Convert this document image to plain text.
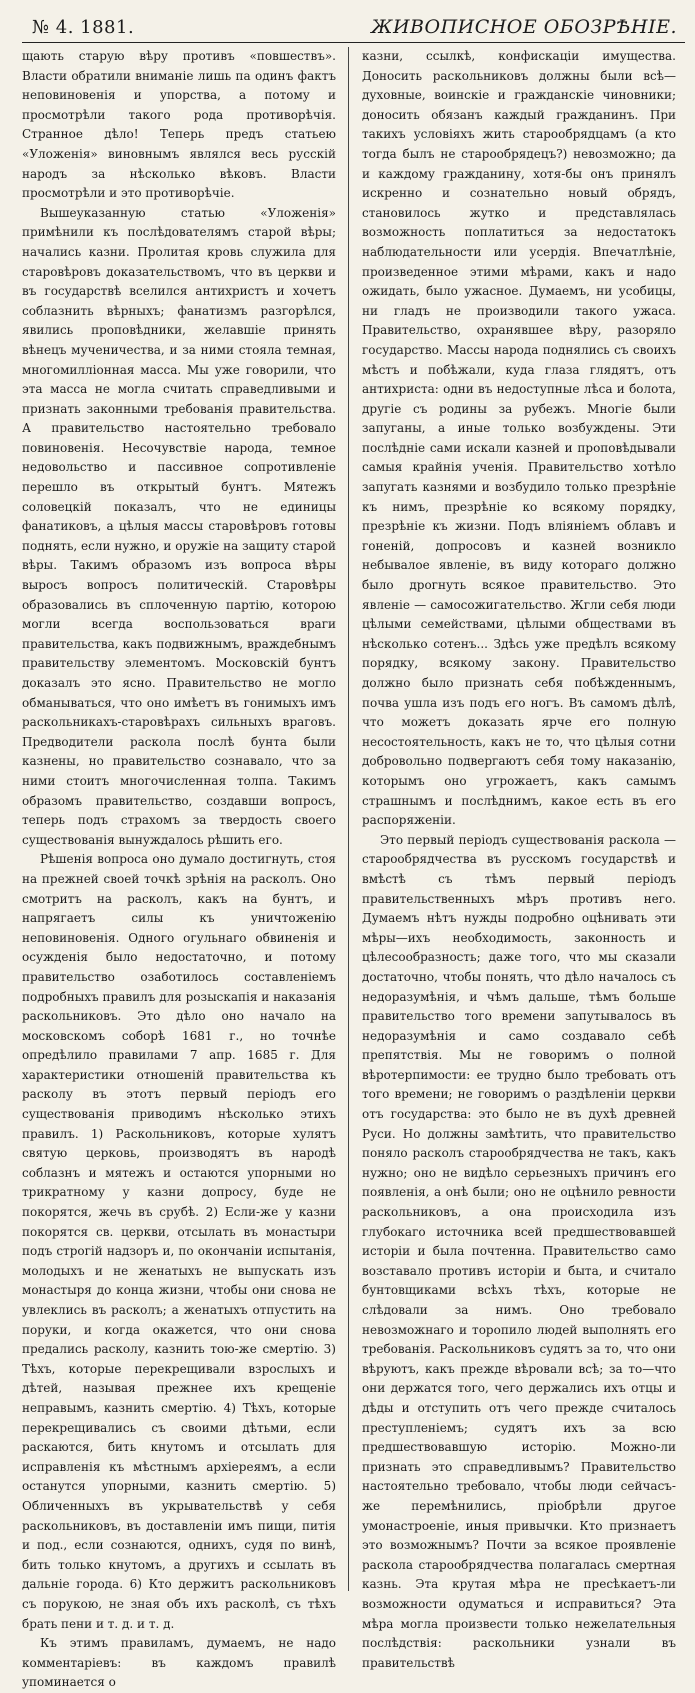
№ 4. 1881.	ЖИВОПИСНОЕ ОБОЗРѢНІЕ.

щають старую вѣру противъ «повшествъ». Власти обратили вниманіе лишь па одинъ фактъ неповиновенія и упорства, а потому и просмотрѣли такого рода противорѣчія. Странное дѣло! Теперь предъ статьею «Уложенія» виновнымъ являлся весь русскій народъ за нѣсколько вѣковъ. Власти просмотрѣли и это противорѣчіе.

Вышеуказанную статью «Уложенія» примѣнили къ послѣдователямъ старой вѣры; начались казни. Пролитая кровь служила для старовѣровъ доказательствомъ, что въ церкви и въ государствѣ вселился антихристъ и хочетъ соблазнить вѣрныхъ; фанатизмъ разгорѣлся, явились проповѣдники, желавшіе принять вѣнецъ мученичества, и за ними стояла темная, многомилліонная масса. Мы уже говорили, что эта масса не могла считать справедливыми и признать законными требованія правительства. А правительство настоятельно требовало повиновенія. Несочувствіе народа, темное недовольство и пассивное сопротивленіе перешло въ открытый бунтъ. Мятежъ соловецкій показалъ, что не единицы фанатиковъ, а цѣлыя массы старовѣровъ готовы поднять, если нужно, и оружіе на защиту старой вѣры. Такимъ образомъ изъ вопроса вѣры выросъ вопросъ политическій. Старовѣры образовались въ сплоченную партію, которою могли всегда воспользоваться враги правительства, какъ подвижнымъ, враждебнымъ правительству элементомъ. Московскій бунтъ доказалъ это ясно. Правительство не могло обманываться, что оно имѣетъ въ гонимыхъ имъ раскольникахъ-старовѣрахъ сильныхъ враговъ. Предводители раскола послѣ бунта были казнены, но правительство сознавало, что за ними стоитъ многочисленная толпа. Такимъ образомъ правительство, создавши вопросъ, теперь подъ страхомъ за твердость своего существованія вынуждалось рѣшить его.

Рѣшенія вопроса оно думало достигнуть, стоя на прежней своей точкѣ зрѣнія на расколъ. Оно смотритъ на расколъ, какъ на бунтъ, и напрягаетъ силы къ уничтоженію неповиновенія. Одного огульнаго обвиненія и осужденія было недостаточно, и потому правительство озаботилось составленіемъ подробныхъ правилъ для розыскапія и наказанія раскольниковъ. Это дѣло оно начало на московскомъ соборѣ 1681 г., но точнѣе опредѣлило правилами 7 апр. 1685 г. Для характеристики отношеній правительства къ расколу въ этотъ первый періодъ его существованія приводимъ нѣсколько этихъ правилъ. 1) Раскольниковъ, которые хулятъ святую церковь, производятъ въ народѣ соблазнъ и мятежъ и остаются упорными но трикратному у казни допросу, буде не покорятся, жечь въ срубѣ. 2) Если-же у казни покорятся св. церкви, отсылать въ монастыри подъ строгій надзоръ и, по окончаніи испытанія, молодыхъ и не женатыхъ не выпускать изъ монастыря до конца жизни, чтобы они снова не увлеклись въ расколъ; а женатыхъ отпустить на поруки, и когда окажется, что они снова предались расколу, казнить тою-же смертію. 3) Тѣхъ, которые перекрещивали взрослыхъ и дѣтей, называя прежнее ихъ крещеніе неправымъ, казнить смертію. 4) Тѣхъ, которые перекрещивались съ своими дѣтьми, если раскаются, бить кнутомъ и отсылать для исправленія къ мѣстнымъ архіереямъ, а если останутся упорными, казнить смертію. 5) Обличенныхъ въ укрывательствѣ у себя раскольниковъ, въ доставленіи имъ пищи, питія и под., если сознаются, однихъ, судя по винѣ, бить только кнутомъ, а другихъ и ссылать въ дальніе города. 6) Кто держитъ раскольниковъ съ порукою, не зная объ ихъ расколѣ, съ тѣхъ брать пени и т. д. и т. д.

Къ этимъ правиламъ, думаемъ, не надо комментаріевъ: въ каждомъ правилѣ упоминается о

казни, ссылкѣ, конфискаціи имущества. Доносить раскольниковъ должны были всѣ—духовные, воинскіе и гражданскіе чиновники; доносить обязанъ каждый гражданинъ. При такихъ условіяхъ жить старообрядцамъ (а кто тогда былъ не старообрядецъ?) невозможно; да и каждому гражданину, хотя-бы онъ принялъ искренно и сознательно новый обрядъ, становилось жутко и представлялась возможность поплатиться за недостатокъ наблюдательности или усердія. Впечатлѣніе, произведенное этими мѣрами, какъ и надо ожидать, было ужасное. Думаемъ, ни усобицы, ни гладъ не производили такого ужаса. Правительство, охранявшее вѣру, разоряло государство. Массы народа поднялись съ своихъ мѣстъ и побѣжали, куда глаза глядятъ, отъ антихриста: одни въ недоступные лѣса и болота, другіе съ родины за рубежъ. Многіе были запуганы, а иные только возбуждены. Эти послѣдніе сами искали казней и проповѣдывали самыя крайнія ученія. Правительство хотѣло запугать казнями и возбудило только презрѣніе къ нимъ, презрѣніе ко всякому порядку, презрѣніе къ жизни. Подъ вліяніемъ облавъ и гоненій, допросовъ и казней возникло небывалое явленіе, въ виду котораго должно было дрогнуть всякое правительство. Это явленіе — самосожигательство. Жгли себя люди цѣлыми семействами, цѣлыми обществами въ нѣсколько сотенъ... Здѣсь уже предѣлъ всякому порядку, всякому закону. Правительство должно было признать себя побѣжденнымъ, почва ушла изъ подъ его ногъ. Въ самомъ дѣлѣ, что можетъ доказать ярче его полную несостоятельность, какъ не то, что цѣлыя сотни добровольно подвергаютъ себя тому наказанію, которымъ оно угрожаетъ, какъ самымъ страшнымъ и послѣднимъ, какое есть въ его распоряженіи.

Это первый періодъ существованія раскола — старообрядчества въ русскомъ государствѣ и вмѣстѣ съ тѣмъ первый періодъ правительственныхъ мѣръ противъ него. Думаемъ нѣтъ нужды подробно оцѣнивать эти мѣры—ихъ необходимость, законность и цѣлесообразность; даже того, что мы сказали достаточно, чтобы понять, что дѣло началось съ недоразумѣнія, и чѣмъ дальше, тѣмъ больше правительство того времени запутывалось въ недоразумѣнія и само создавало себѣ препятствія. Мы не говоримъ о полной вѣротерпимости: ее трудно было требовать отъ того времени; не говоримъ о раздѣленіи церкви отъ государства: это было не въ духѣ древней Руси. Но должны замѣтить, что правительство поняло расколъ старообрядчества не такъ, какъ нужно; оно не видѣло серьезныхъ причинъ его появленія, а онѣ были; оно не оцѣнило ревности раскольниковъ, а она происходила изъ глубокаго источника всей предшествовавшей исторіи и была почтенна. Правительство само возставало противъ исторіи и быта, и считало бунтовщиками всѣхъ тѣхъ, которые не слѣдовали за нимъ. Оно требовало невозможнаго и торопило людей выполнять его требованія. Раскольниковъ судятъ за то, что они вѣруютъ, какъ прежде вѣровали всѣ; за то—что они держатся того, чего держались ихъ отцы и дѣды и отступить отъ чего прежде считалось преступленіемъ; судятъ ихъ за всю предшествовавшую исторію. Можно-ли признать это справедливымъ? Правительство настоятельно требовало, чтобы люди сейчасъ-же перемѣнились, пріобрѣли другое умонастроеніе, иныя привычки. Кто признаетъ это возможнымъ? Почти за всякое проявленіе раскола старообрядчества полагалась смертная казнь. Эта крутая мѣра не пресѣкаетъ-ли возможности одуматься и исправиться? Эта мѣра могла произвести только нежелательныя послѣдствія: раскольники узнали въ правительствѣ
